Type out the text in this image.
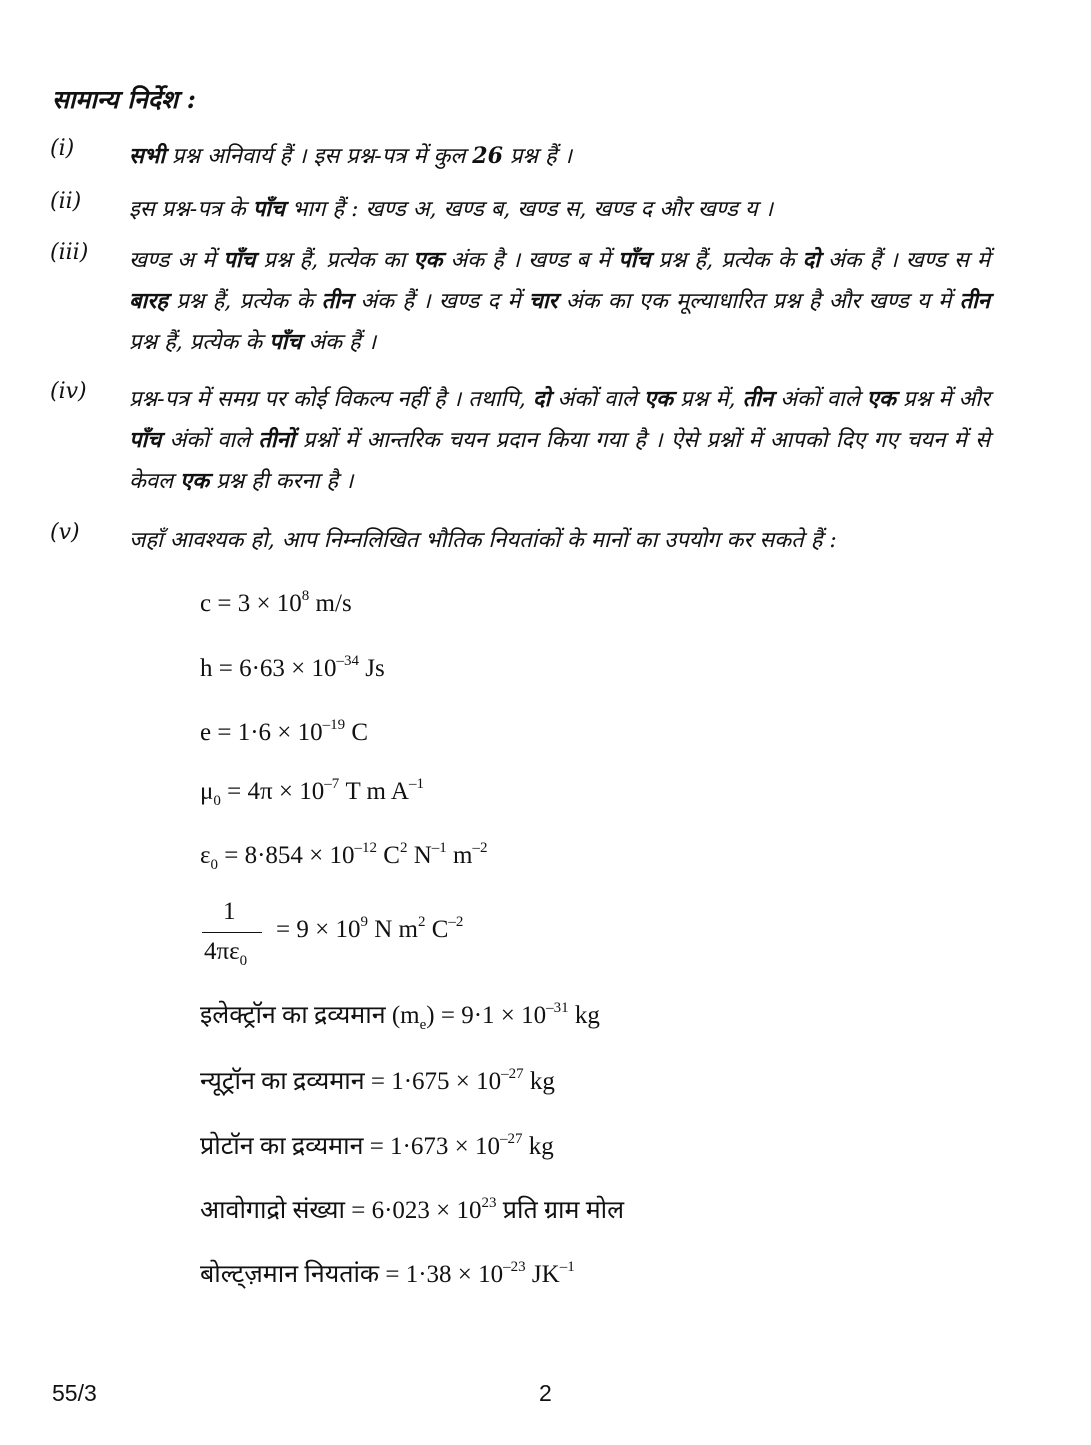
सामान्य निर्देश :
(i) सभी प्रश्न अनिवार्य हैं । इस प्रश्न-पत्र में कुल 26 प्रश्न हैं ।
(ii) इस प्रश्न-पत्र के पाँच भाग हैं : खण्ड अ, खण्ड ब, खण्ड स, खण्ड द और खण्ड य ।
(iii) खण्ड अ में पाँच प्रश्न हैं, प्रत्येक का एक अंक है । खण्ड ब में पाँच प्रश्न हैं, प्रत्येक के दो अंक हैं । खण्ड स में बारह प्रश्न हैं, प्रत्येक के तीन अंक हैं । खण्ड द में चार अंक का एक मूल्याधारित प्रश्न है और खण्ड य में तीन प्रश्न हैं, प्रत्येक के पाँच अंक हैं ।
(iv) प्रश्न-पत्र में समग्र पर कोई विकल्प नहीं है । तथापि, दो अंकों वाले एक प्रश्न में, तीन अंकों वाले एक प्रश्न में और पाँच अंकों वाले तीनों प्रश्नों में आन्तरिक चयन प्रदान किया गया है । ऐसे प्रश्नों में आपको दिए गए चयन में से केवल एक प्रश्न ही करना है ।
(v) जहाँ आवश्यक हो, आप निम्नलिखित भौतिक नियतांकों के मानों का उपयोग कर सकते हैं :
$c = 3 \times 10^8$ m/s
$h = 6\cdot 63 \times 10^{-34}$ Js
$e = 1\cdot 6 \times 10^{-19}$ C
$\mu_0 = 4\pi \times 10^{-7}$ T m $A^{-1}$
$\varepsilon_0 = 8\cdot 854 \times 10^{-12}$ $C^2$ $N^{-1}$ $m^{-2}$
1
$4\pi\varepsilon_0$
= $9 \times 10^9$ N $m^2$ $C^{-2}$
इलेक्ट्रॉन का द्रव्यमान $(m_e) = 9\cdot 1 \times 10^{-31}$ kg
न्यूट्रॉन का द्रव्यमान = $1\cdot 675 \times 10^{-27}$ kg
प्रोटॉन का द्रव्यमान = $1\cdot 673 \times 10^{-27}$ kg
आवोगाद्रो संख्या = $6\cdot 023 \times 10^{23}$ प्रति ग्राम मोल
बोल्ट्ज़मान नियतांक = $1\cdot 38 \times 10^{-23}$ $JK^{-1}$
55/3	2
